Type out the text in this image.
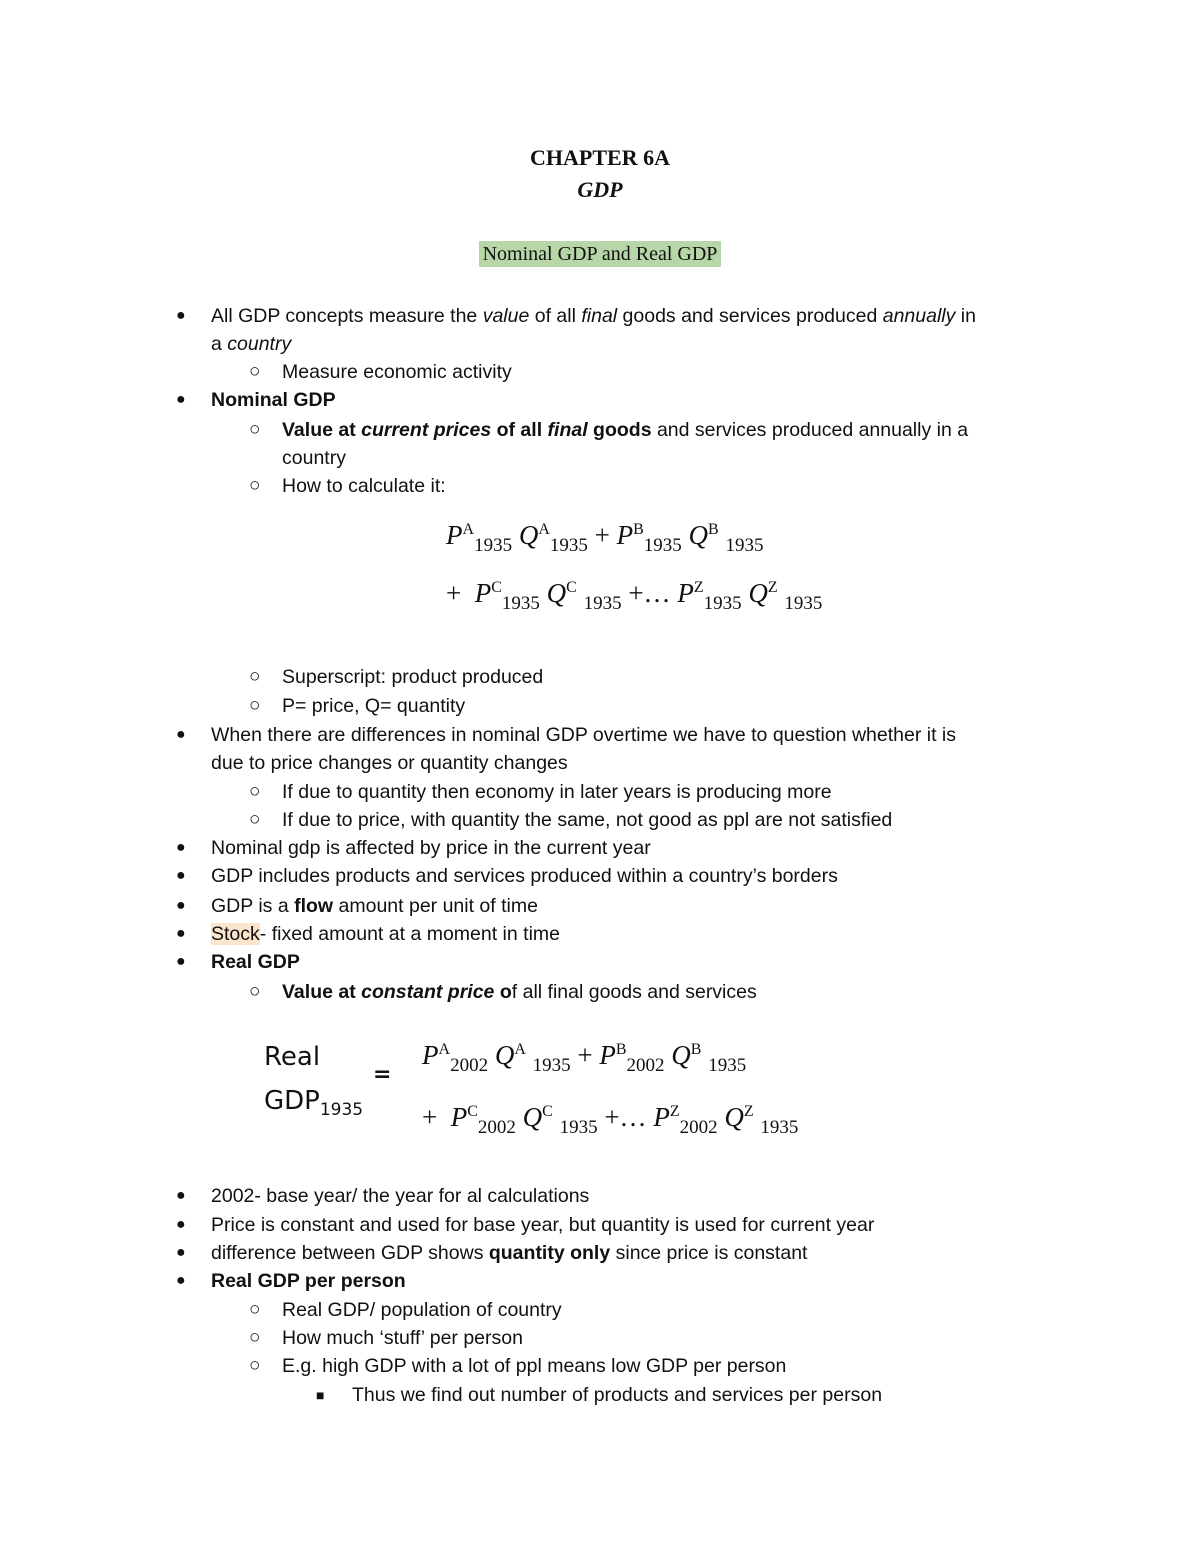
CHAPTER 6A
GDP
Nominal GDP and Real GDP
● All GDP concepts measure the value of all final goods and services produced annually in
a country
○ Measure economic activity
● Nominal GDP
○ Value at current prices of all final goods and services produced annually in a
country
○ How to calculate it:
$P^A_{1935}$ $Q^A_{1935} + P^B_{1935}$ $Q^B$ $_{1935}$
+ $P^C_{1935}$ $Q^C$ $_{1935}$ +… $P^Z_{1935}$ $Q^Z$ $_{1935}$
○ Superscript: product produced
○ P= price, Q= quantity
● When there are differences in nominal GDP overtime we have to question whether it is
due to price changes or quantity changes
○ If due to quantity then economy in later years is producing more
○ If due to price, with quantity the same, not good as ppl are not satisfied
● Nominal gdp is affected by price in the current year
● GDP includes products and services produced within a country’s borders
● GDP is a flow amount per unit of time
● Stock- fixed amount at a moment in time
● Real GDP
○ Value at constant price of all final goods and services
Real
$GDP_{1935}$
=
$P^A_{2002}$ $Q^A$ $_{1935} + P^B_{2002}$ $Q^B$ $_{1935}$
+ $P^C_{2002}$ $Q^C$ $_{1935}$ +… $P^Z_{2002}$ $Q^Z$ $_{1935}$
● 2002- base year/ the year for al calculations
● Price is constant and used for base year, but quantity is used for current year
● difference between GDP shows quantity only since price is constant
● Real GDP per person
○ Real GDP/ population of country
○ How much ‘stuff’ per person
○ E.g. high GDP with a lot of ppl means low GDP per person
■ Thus we find out number of products and services per person
